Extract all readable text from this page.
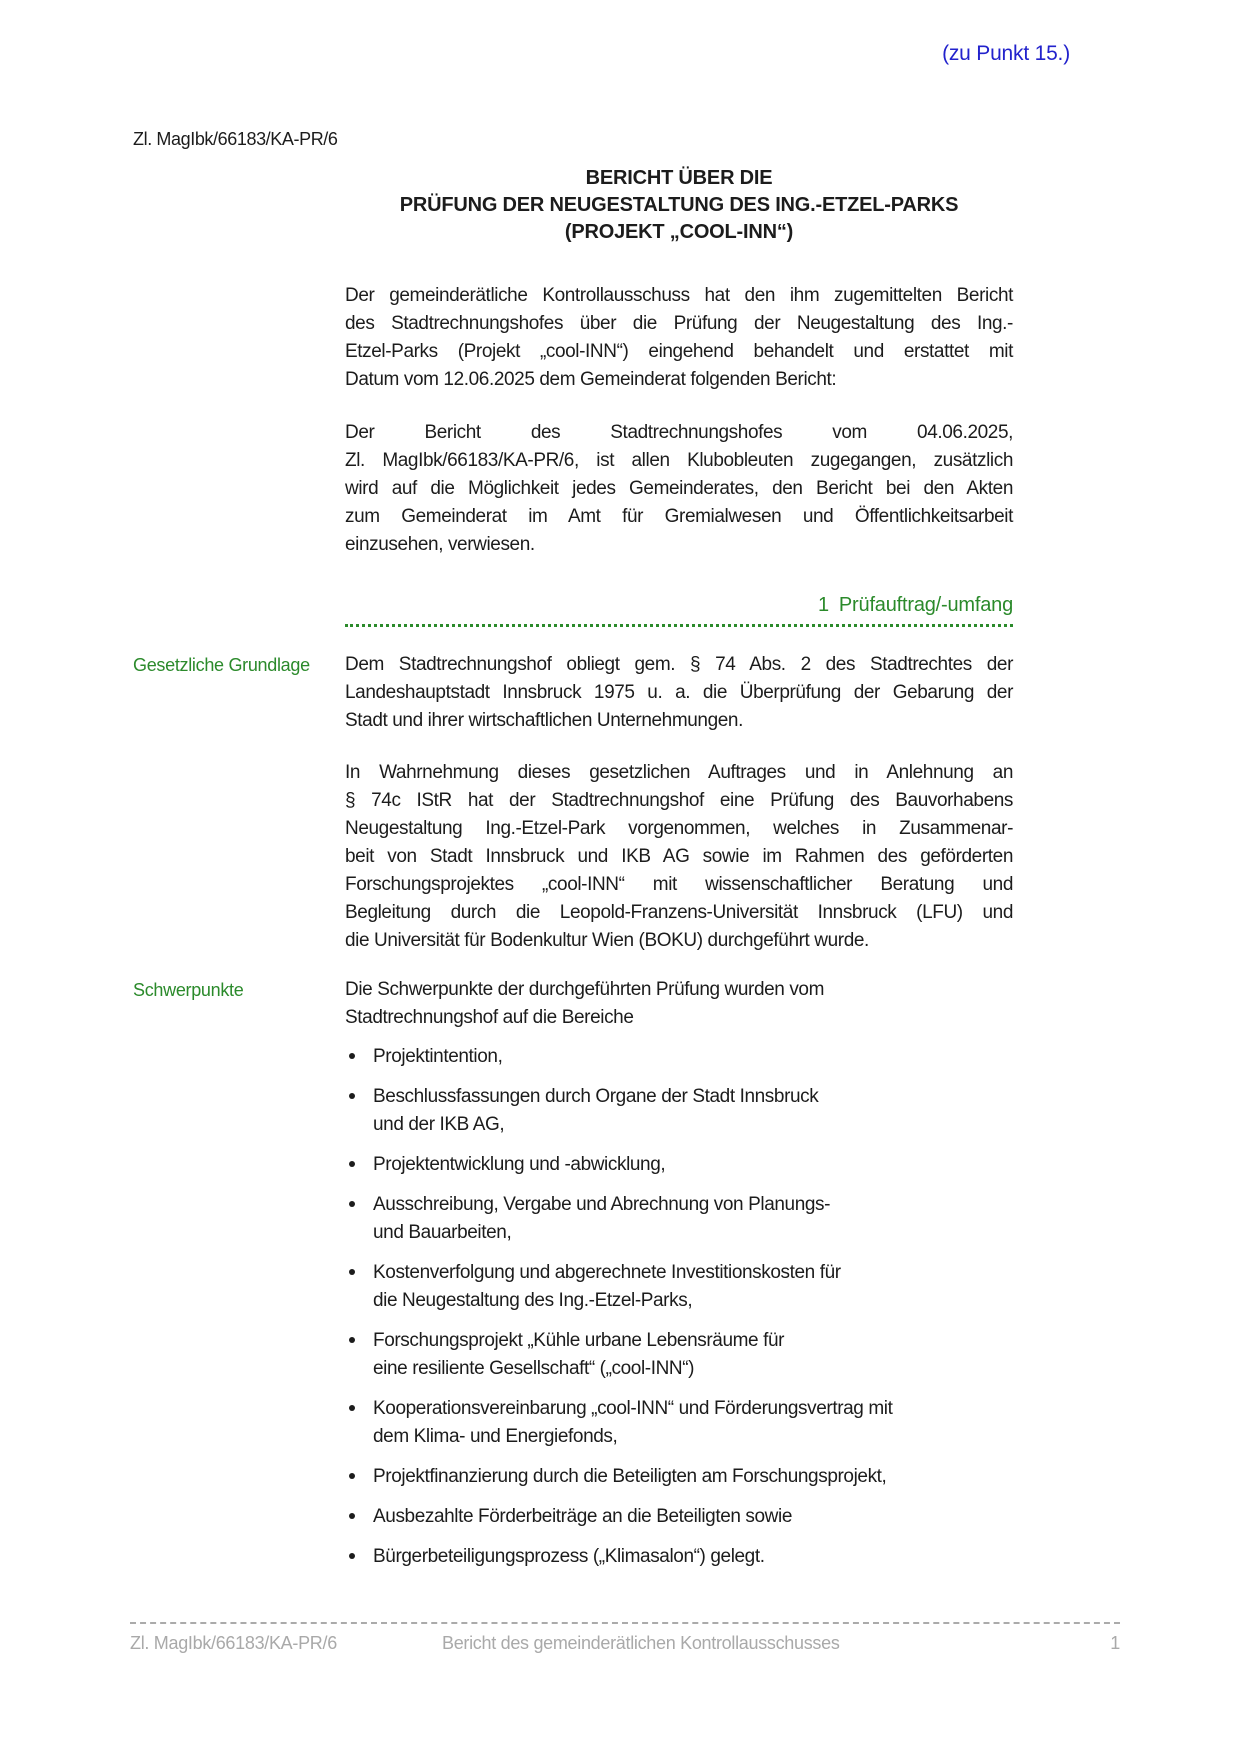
(zu Punkt 15.)
Zl. MagIbk/66183/KA-PR/6
BERICHT ÜBER DIE
PRÜFUNG DER NEUGESTALTUNG DES ING.-ETZEL-PARKS
(PROJEKT „COOL-INN“)
Der gemeinderätliche Kontrollausschuss hat den ihm zugemittelten Bericht
des Stadtrechnungshofes über die Prüfung der Neugestaltung des Ing.-
Etzel-Parks (Projekt „cool-INN“) eingehend behandelt und erstattet mit
Datum vom 12.06.2025 dem Gemeinderat folgenden Bericht:
Der Bericht des Stadtrechnungshofes vom 04.06.2025,
Zl. MagIbk/66183/KA-PR/6, ist allen Klubobleuten zugegangen, zusätzlich
wird auf die Möglichkeit jedes Gemeinderates, den Bericht bei den Akten
zum Gemeinderat im Amt für Gremialwesen und Öffentlichkeitsarbeit
einzusehen, verwiesen.
1 Prüfauftrag/-umfang
Gesetzliche Grundlage	Dem Stadtrechnungshof obliegt gem. § 74 Abs. 2 des Stadtrechtes der
Landeshauptstadt Innsbruck 1975 u. a. die Überprüfung der Gebarung der
Stadt und ihrer wirtschaftlichen Unternehmungen.
In Wahrnehmung dieses gesetzlichen Auftrages und in Anlehnung an
§ 74c IStR hat der Stadtrechnungshof eine Prüfung des Bauvorhabens
Neugestaltung Ing.-Etzel-Park vorgenommen, welches in Zusammenar-
beit von Stadt Innsbruck und IKB AG sowie im Rahmen des geförderten
Forschungsprojektes „cool-INN“ mit wissenschaftlicher Beratung und
Begleitung durch die Leopold-Franzens-Universität Innsbruck (LFU) und
die Universität für Bodenkultur Wien (BOKU) durchgeführt wurde.
Schwerpunkte	Die Schwerpunkte der durchgeführten Prüfung wurden vom
Stadtrechnungshof auf die Bereiche
Projektintention,
Beschlussfassungen durch Organe der Stadt Innsbruck
und der IKB AG,
Projektentwicklung und -abwicklung,
Ausschreibung, Vergabe und Abrechnung von Planungs-
und Bauarbeiten,
Kostenverfolgung und abgerechnete Investitionskosten für
die Neugestaltung des Ing.-Etzel-Parks,
Forschungsprojekt „Kühle urbane Lebensräume für
eine resiliente Gesellschaft“ („cool-INN“)
Kooperationsvereinbarung „cool-INN“ und Förderungsvertrag mit
dem Klima- und Energiefonds,
Projektfinanzierung durch die Beteiligten am Forschungsprojekt,
Ausbezahlte Förderbeiträge an die Beteiligten sowie
Bürgerbeteiligungsprozess („Klimasalon“) gelegt.
Zl. MagIbk/66183/KA-PR/6	Bericht des gemeinderätlichen Kontrollausschusses	1
